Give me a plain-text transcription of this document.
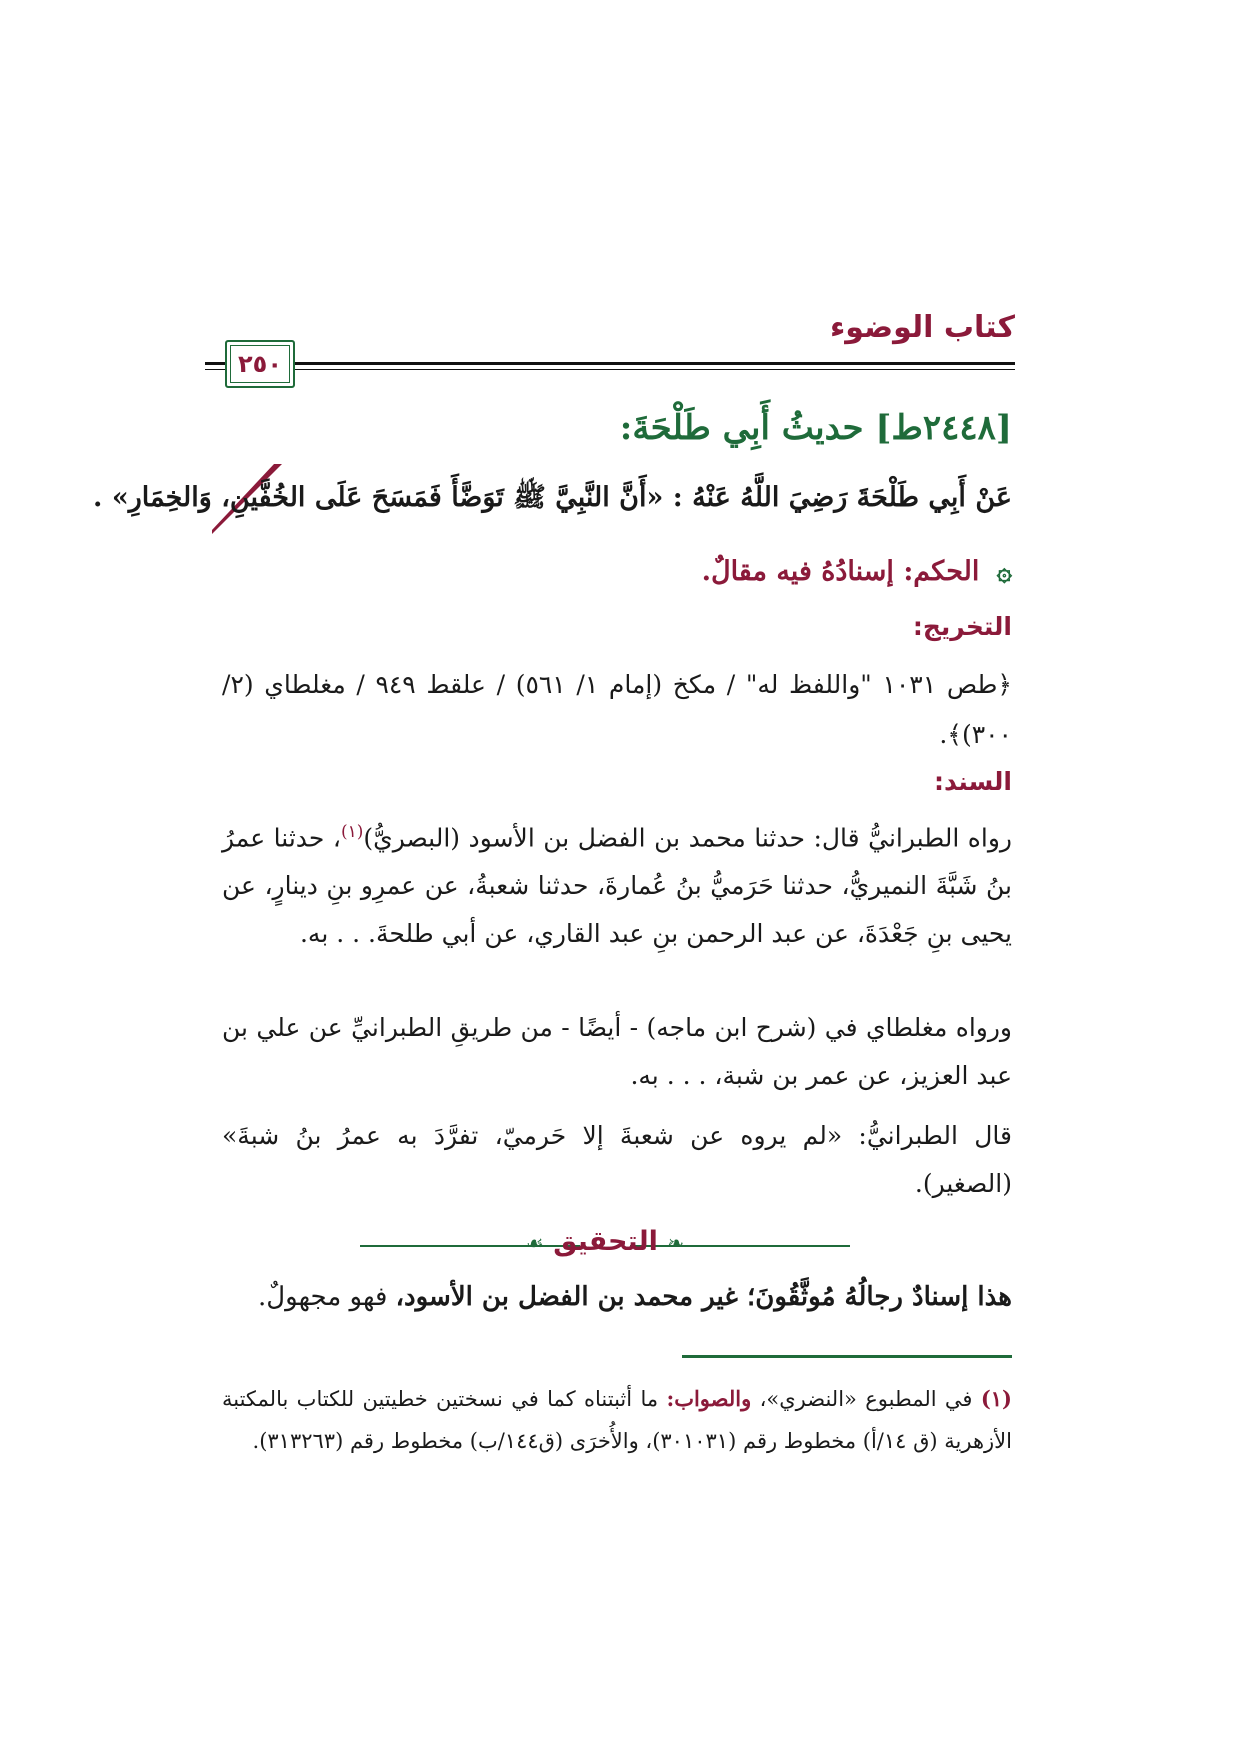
كتاب الوضوء
٢٥٠
[٢٤٤٨ط] حديثُ أَبِي طَلْحَةَ:
عَنْ أَبِي طَلْحَةَ رَضِيَ اللَّهُ عَنْهُ : «أَنَّ النَّبِيَّ ﷺ تَوَضَّأَ فَمَسَحَ عَلَى الخُفَّينِ، وَالخِمَارِ» .
۞ الحكم: إسنادُهُ فيه مقالٌ.
التخريج:
﴿طص ١٠٣١ "واللفظ له" / مكخ (إمام ١/ ٥٦١) / علقط ٩٤٩ / مغلطاي (٢/ ٣٠٠)﴾.
السند:
رواه الطبرانيُّ قال: حدثنا محمد بن الفضل بن الأسود (البصريُّ)$^{(١)}$، حدثنا عمرُ بنُ شَبَّةَ النميريُّ، حدثنا حَرَميُّ بنُ عُمارةَ، حدثنا شعبةُ، عن عمرِو بنِ دينارٍ، عن يحيى بنِ جَعْدَةَ، عن عبد الرحمن بنِ عبد القاري، عن أبي طلحةَ. . . به.
ورواه مغلطاي في (شرح ابن ماجه) - أيضًا - من طريقِ الطبرانيِّ عن علي بن عبد العزيز، عن عمر بن شبة، . . . به.
قال الطبرانيُّ: «لم يروه عن شعبةَ إلا حَرميّ، تفرَّدَ به عمرُ بنُ شبةَ» (الصغير).
❧ التحقيق ☙
هذا إسنادٌ رجالُهُ مُوثَّقُونَ؛ غير محمد بن الفضل بن الأسود، فهو مجهولٌ.
(١) في المطبوع «النضري»، والصواب: ما أثبتناه كما في نسختين خطيتين للكتاب بالمكتبة الأزهرية (ق ١٤/أ) مخطوط رقم (٣٠١٠٣١)، والأُخرَى (ق١٤٤/ب) مخطوط رقم (٣١٣٢٦٣).
